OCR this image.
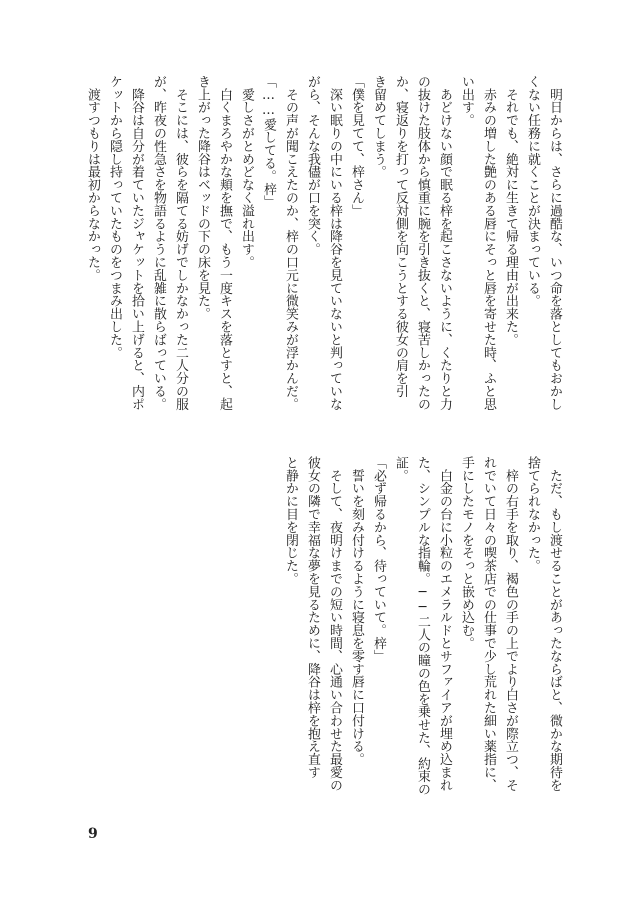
　明日からは、さらに過酷な、いつ命を落としてもおかし

くない任務に就くことが決まっている。

　それでも、絶対に生きて帰る理由が出来た。

　赤みの増した艶のある唇にそっと唇を寄せた時、ふと思

い出す。

　あどけない顔で眠る梓を起こさないように、くたりと力

の抜けた肢体から慎重に腕を引き抜くと、寝苦しかったの

か、寝返りを打って反対側を向こうとする彼女の肩を引

き留めてしまう。

「僕を見てて、梓さん」

　深い眠りの中にいる梓は降谷を見ていないと判っていな

がら、そんな我儘が口を突く。

　その声が聞こえたのか、梓の口元に微笑みが浮かんだ。

「……愛してる。梓」

　愛しさがとめどなく溢れ出す。

　白くまろやかな頬を撫で、もう一度キスを落とすと、起

き上がった降谷はベッドの下の床を見た。

　そこには、彼らを隔てる妨げでしかなかった二人分の服

が、昨夜の性急さを物語るように乱雑に散らばっている。

　降谷は自分が着ていたジャケットを拾い上げると、内ポ

ケットから隠し持っていたものをつまみ出した。

　渡すつもりは最初からなかった。

　ただ、もし渡せることがあったならばと、微かな期待を

捨てられなかった。

　梓の右手を取り、褐色の手の上でより白さが際立つ、そ

れでいて日々の喫茶店での仕事で少し荒れた細い薬指に、

手にしたモノをそっと嵌め込む。

　白金の台に小粒のエメラルドとサファイアが埋め込まれ

た、シンプルな指輪。──二人の瞳の色を乗せた、約束の

証。

「必ず帰るから、待っていて。梓」

　誓いを刻み付けるように寝息を零す唇に口付ける。

　そして、夜明けまでの短い時間、心通い合わせた最愛の

彼女の隣で幸福な夢を見るために、降谷は梓を抱え直す

と静かに目を閉じた。

9
